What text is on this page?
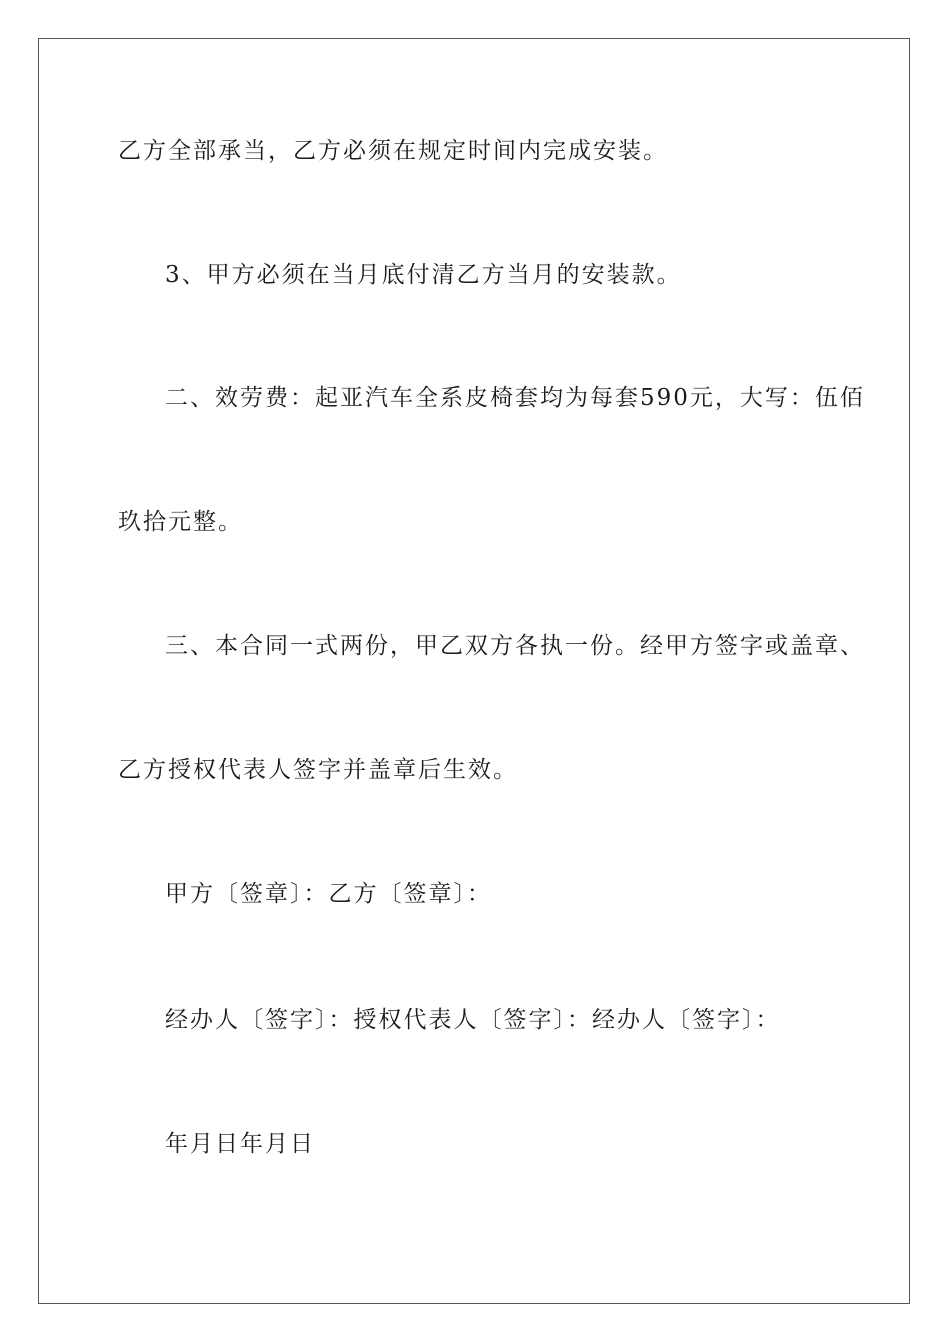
乙方全部承当，乙方必须在规定时间内完成安装。

3、甲方必须在当月底付清乙方当月的安装款。

二、效劳费：起亚汽车全系皮椅套均为每套590元，大写：伍佰

玖拾元整。

三、本合同一式两份，甲乙双方各执一份。经甲方签字或盖章、

乙方授权代表人签字并盖章后生效。

甲方〔签章〕：乙方〔签章〕：

经办人〔签字〕：授权代表人〔签字〕：经办人〔签字〕：

年月日年月日
